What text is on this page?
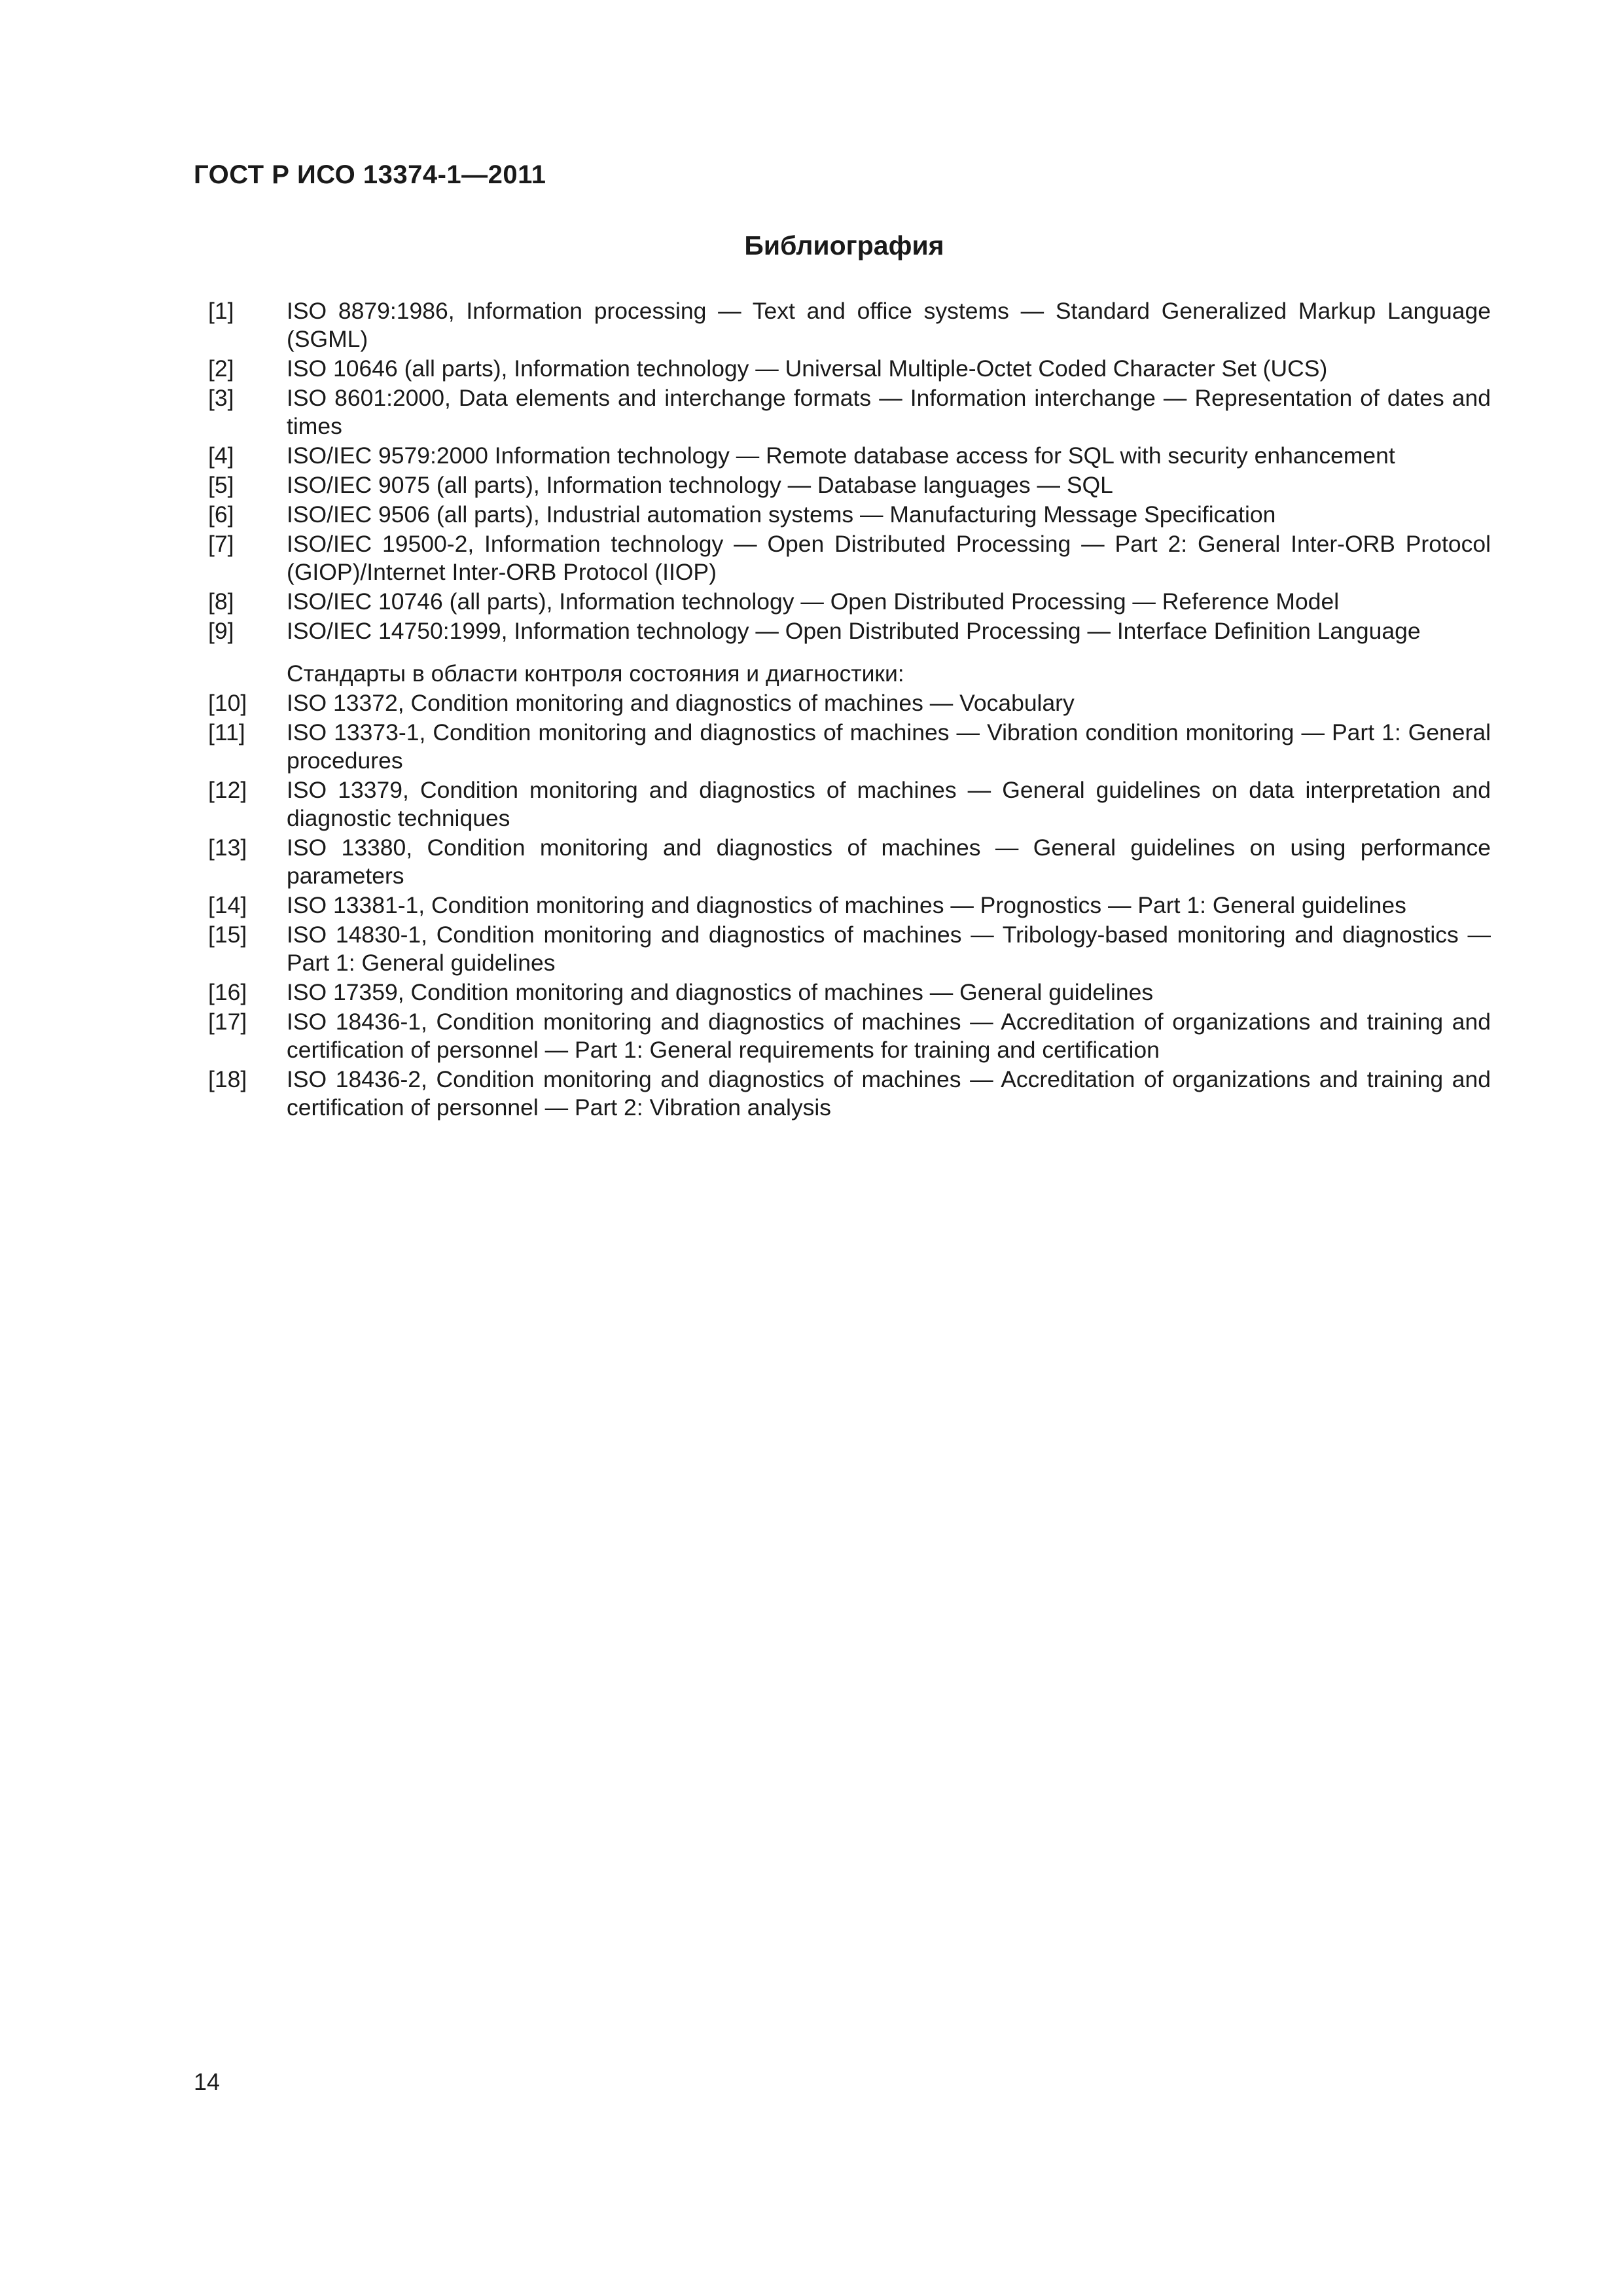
ГОСТ Р ИСО 13374-1—2011
Библиография
[1] ISO 8879:1986, Information processing — Text and office systems — Standard Generalized Markup Language (SGML)
[2] ISO 10646 (all parts), Information technology — Universal Multiple-Octet Coded Character Set (UCS)
[3] ISO 8601:2000, Data elements and interchange formats — Information interchange — Representation of dates and times
[4] ISO/IEC 9579:2000 Information technology — Remote database access for SQL with security enhancement
[5] ISO/IEC 9075 (all parts), Information technology — Database languages — SQL
[6] ISO/IEC 9506 (all parts), Industrial automation systems — Manufacturing Message Specification
[7] ISO/IEC 19500-2, Information technology — Open Distributed Processing — Part 2: General Inter-ORB Protocol (GIOP)/Internet Inter-ORB Protocol (IIOP)
[8] ISO/IEC 10746 (all parts), Information technology — Open Distributed Processing — Reference Model
[9] ISO/IEC 14750:1999, Information technology — Open Distributed Processing — Interface Definition Language
Стандарты в области контроля состояния и диагностики:
[10] ISO 13372, Condition monitoring and diagnostics of machines — Vocabulary
[11] ISO 13373-1, Condition monitoring and diagnostics of machines — Vibration condition monitoring — Part 1: General procedures
[12] ISO 13379, Condition monitoring and diagnostics of machines — General guidelines on data interpretation and diagnostic techniques
[13] ISO 13380, Condition monitoring and diagnostics of machines — General guidelines on using performance parameters
[14] ISO 13381-1, Condition monitoring and diagnostics of machines — Prognostics — Part 1: General guidelines
[15] ISO 14830-1, Condition monitoring and diagnostics of machines — Tribology-based monitoring and diagnostics — Part 1: General guidelines
[16] ISO 17359, Condition monitoring and diagnostics of machines — General guidelines
[17] ISO 18436-1, Condition monitoring and diagnostics of machines — Accreditation of organizations and training and certification of personnel — Part 1: General requirements for training and certification
[18] ISO 18436-2, Condition monitoring and diagnostics of machines — Accreditation of organizations and training and certification of personnel — Part 2: Vibration analysis
14
